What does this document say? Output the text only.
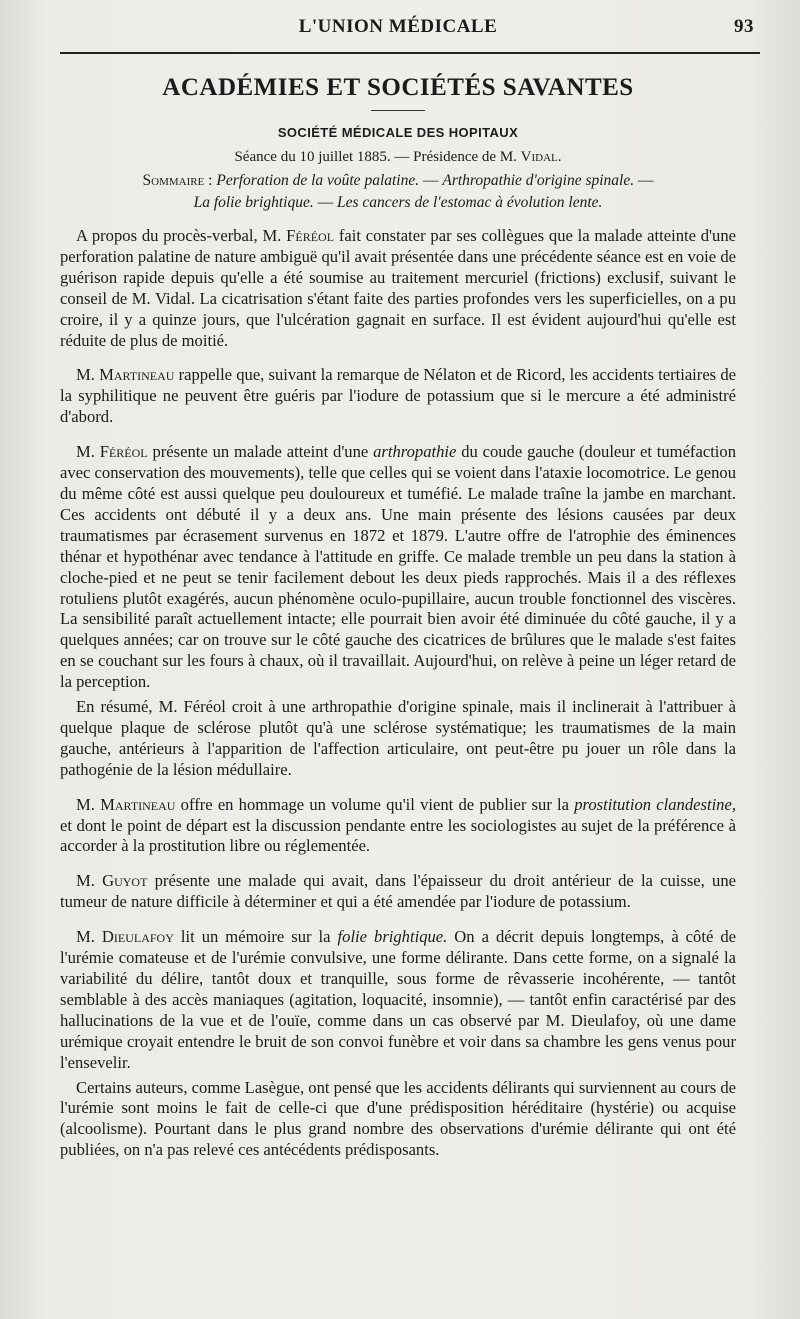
L'UNION MÉDICALE	93
ACADÉMIES ET SOCIÉTÉS SAVANTES
SOCIÉTÉ MÉDICALE DES HOPITAUX
Séance du 10 juillet 1885. — Présidence de M. Vidal.
Sommaire : Perforation de la voûte palatine. — Arthropathie d'origine spinale. —
La folie brightique. — Les cancers de l'estomac à évolution lente.

A propos du procès-verbal, M. Féréol fait constater par ses collègues que la malade atteinte d'une perforation palatine de nature ambiguë qu'il avait présentée dans une précédente séance est en voie de guérison rapide depuis qu'elle a été soumise au traitement mercuriel (frictions) exclusif, suivant le conseil de M. Vidal. La cicatrisation s'étant faite des parties profondes vers les superficielles, on a pu croire, il y a quinze jours, que l'ulcération gagnait en surface. Il est évident aujourd'hui qu'elle est réduite de plus de moitié.

M. Martineau rappelle que, suivant la remarque de Nélaton et de Ricord, les accidents tertiaires de la syphilitique ne peuvent être guéris par l'iodure de potassium que si le mercure a été administré d'abord.

M. Féréol présente un malade atteint d'une arthropathie du coude gauche (douleur et tuméfaction avec conservation des mouvements), telle que celles qui se voient dans l'ataxie locomotrice. Le genou du même côté est aussi quelque peu douloureux et tuméfié. Le malade traîne la jambe en marchant. Ces accidents ont débuté il y a deux ans. Une main présente des lésions causées par deux traumatismes par écrasement survenus en 1872 et 1879. L'autre offre de l'atrophie des éminences thénar et hypothénar avec tendance à l'attitude en griffe. Ce malade tremble un peu dans la station à cloche-pied et ne peut se tenir facilement debout les deux pieds rapprochés. Mais il a des réflexes rotuliens plutôt exagérés, aucun phénomène oculo-pupillaire, aucun trouble fonctionnel des viscères. La sensibilité paraît actuellement intacte; elle pourrait bien avoir été diminuée du côté gauche, il y a quelques années; car on trouve sur le côté gauche des cicatrices de brûlures que le malade s'est faites en se couchant sur les fours à chaux, où il travaillait. Aujourd'hui, on relève à peine un léger retard de la perception.

En résumé, M. Féréol croit à une arthropathie d'origine spinale, mais il inclinerait à l'attribuer à quelque plaque de sclérose plutôt qu'à une sclérose systématique; les traumatismes de la main gauche, antérieurs à l'apparition de l'affection articulaire, ont peut-être pu jouer un rôle dans la pathogénie de la lésion médullaire.

M. Martineau offre en hommage un volume qu'il vient de publier sur la prostitution clandestine, et dont le point de départ est la discussion pendante entre les sociologistes au sujet de la préférence à accorder à la prostitution libre ou réglementée.

M. Guyot présente une malade qui avait, dans l'épaisseur du droit antérieur de la cuisse, une tumeur de nature difficile à déterminer et qui a été amendée par l'iodure de potassium.

M. Dieulafoy lit un mémoire sur la folie brightique. On a décrit depuis longtemps, à côté de l'urémie comateuse et de l'urémie convulsive, une forme délirante. Dans cette forme, on a signalé la variabilité du délire, tantôt doux et tranquille, sous forme de rêvasserie incohérente, — tantôt semblable à des accès maniaques (agitation, loquacité, insomnie), — tantôt enfin caractérisé par des hallucinations de la vue et de l'ouïe, comme dans un cas observé par M. Dieulafoy, où une dame urémique croyait entendre le bruit de son convoi funèbre et voir dans sa chambre les gens venus pour l'ensevelir.

Certains auteurs, comme Lasègue, ont pensé que les accidents délirants qui surviennent au cours de l'urémie sont moins le fait de celle-ci que d'une prédisposition héréditaire (hystérie) ou acquise (alcoolisme). Pourtant dans le plus grand nombre des observations d'urémie délirante qui ont été publiées, on n'a pas relevé ces antécédents prédisposants.
